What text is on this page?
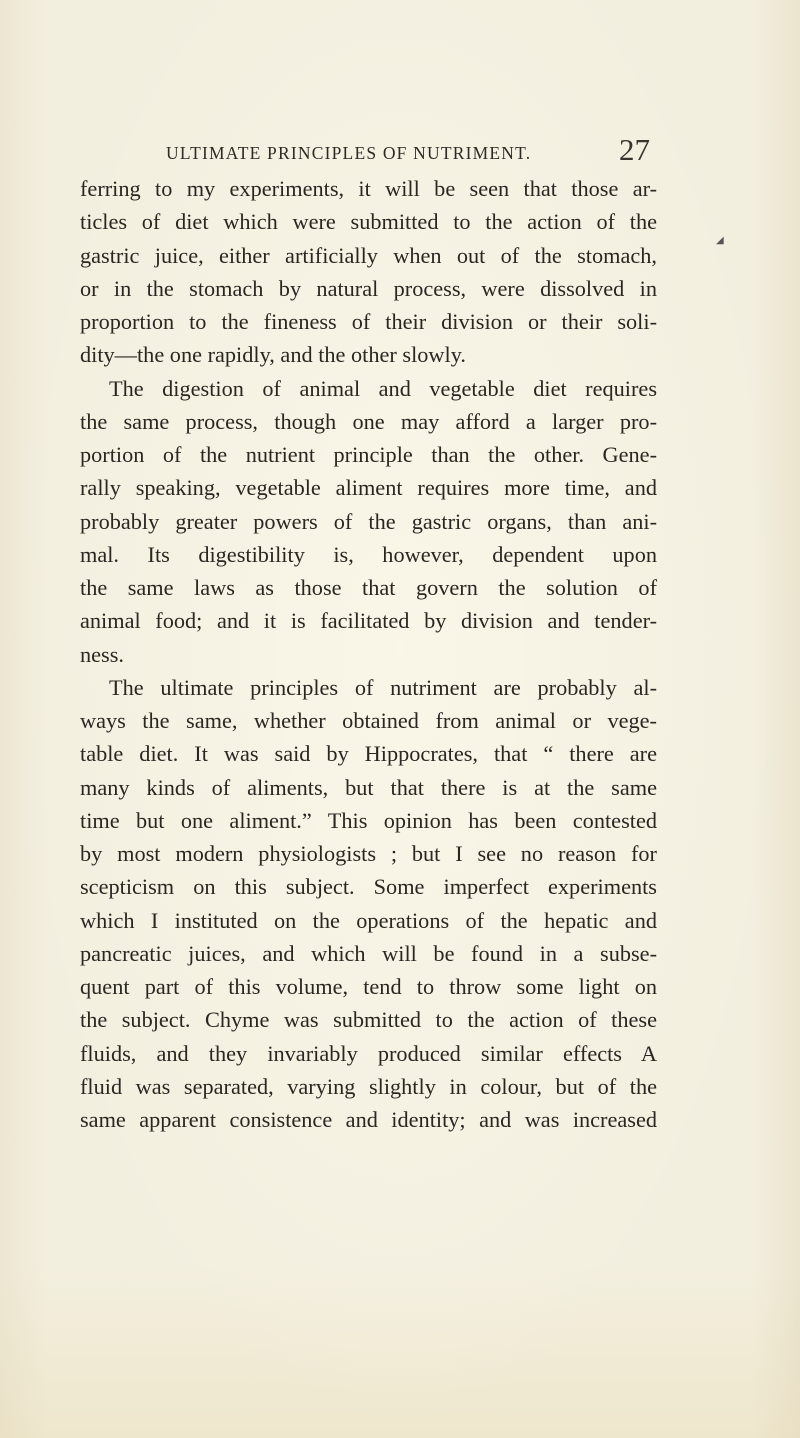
ULTIMATE PRINCIPLES OF NUTRIMENT.	27
ferring to my experiments, it will be seen that those ar-
ticles of diet which were submitted to the action of the
gastric juice, either artificially when out of the stomach,
or in the stomach by natural process, were dissolved in
proportion to the fineness of their division or their soli-
dity—the one rapidly, and the other slowly.
The digestion of animal and vegetable diet requires
the same process, though one may afford a larger pro-
portion of the nutrient principle than the other. Gene-
rally speaking, vegetable aliment requires more time, and
probably greater powers of the gastric organs, than ani-
mal. Its digestibility is, however, dependent upon
the same laws as those that govern the solution of
animal food; and it is facilitated by division and tender-
ness.
The ultimate principles of nutriment are probably al-
ways the same, whether obtained from animal or vege-
table diet. It was said by Hippocrates, that “ there are
many kinds of aliments, but that there is at the same
time but one aliment.” This opinion has been contested
by most modern physiologists ; but I see no reason for
scepticism on this subject. Some imperfect experiments
which I instituted on the operations of the hepatic and
pancreatic juices, and which will be found in a subse-
quent part of this volume, tend to throw some light on
the subject. Chyme was submitted to the action of these
fluids, and they invariably produced similar effects A
fluid was separated, varying slightly in colour, but of the
same apparent consistence and identity; and was increased
◢
